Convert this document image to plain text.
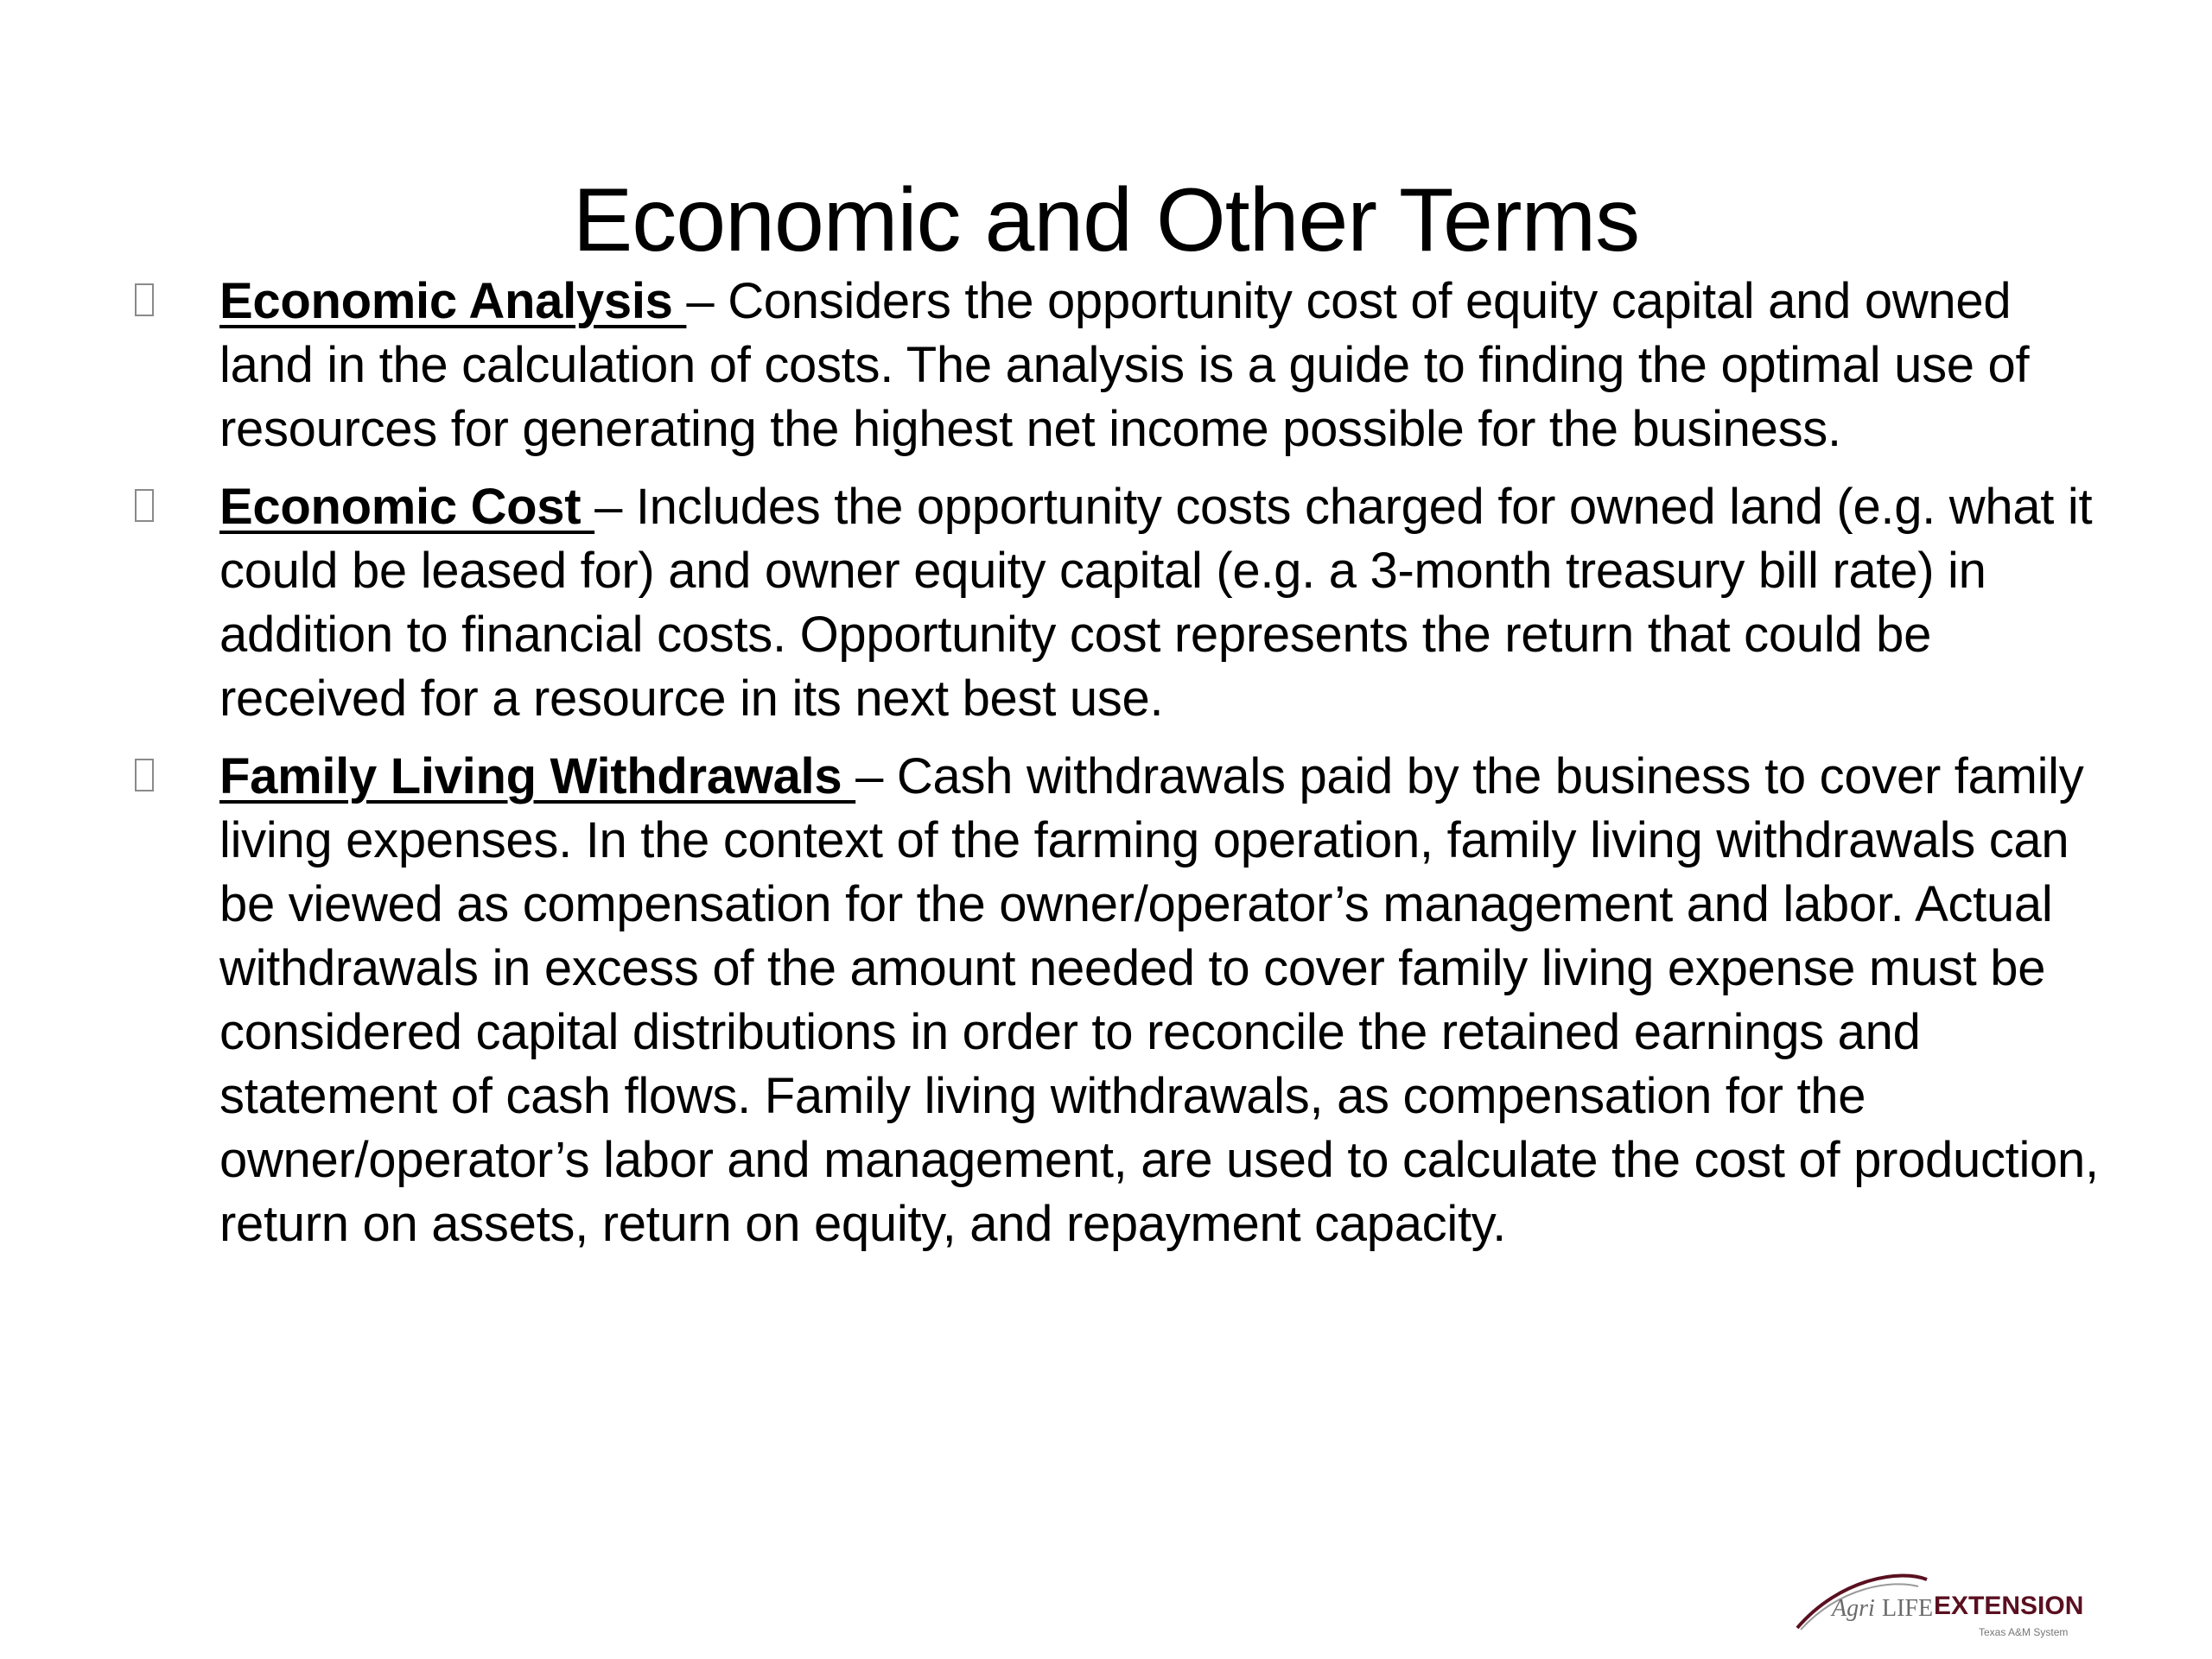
Economic and Other Terms
Economic Analysis – Considers the opportunity cost of equity capital and owned land in the calculation of costs. The analysis is a guide to finding the optimal use of resources for generating the highest net income possible for the business.
Economic Cost – Includes the opportunity costs charged for owned land (e.g. what it could be leased for) and owner equity capital (e.g. a 3-month treasury bill rate) in addition to financial costs. Opportunity cost represents the return that could be received for a resource in its next best use.
Family Living Withdrawals – Cash withdrawals paid by the business to cover family living expenses. In the context of the farming operation, family living withdrawals can be viewed as compensation for the owner/operator’s management and labor. Actual withdrawals in excess of the amount needed to cover family living expense must be considered capital distributions in order to reconcile the retained earnings and statement of cash flows. Family living withdrawals, as compensation for the owner/operator’s labor and management, are used to calculate the cost of production, return on assets, return on equity, and repayment capacity.
Agri LIFE EXTENSION
Texas A&M System
